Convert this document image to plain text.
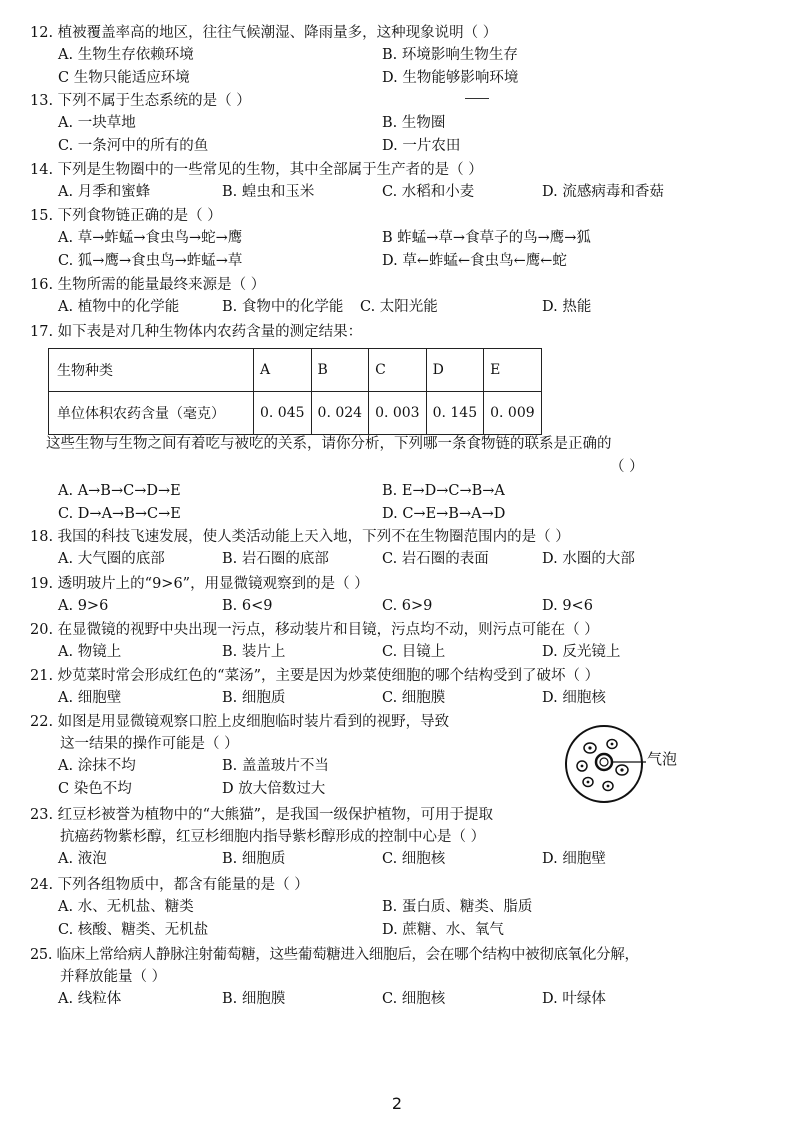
12. 植被覆盖率高的地区，往往气候潮湿、降雨量多，这种现象说明（ ）
A. 生物生存依赖环境	B. 环境影响生物生存
C 生物只能适应环境	D. 生物能够影响环境
13. 下列不属于生态系统的是（ ）
A. 一块草地	B. 生物圈
C. 一条河中的所有的鱼	D. 一片农田
14. 下列是生物圈中的一些常见的生物，其中全部属于生产者的是（ ）
A. 月季和蜜蜂	B. 蝗虫和玉米	C. 水稻和小麦	D. 流感病毒和香菇
15. 下列食物链正确的是（ ）
A. 草→蚱蜢→食虫鸟→蛇→鹰	B 蚱蜢→草→食草子的鸟→鹰→狐
C. 狐→鹰→食虫鸟→蚱蜢→草	D. 草←蚱蜢←食虫鸟←鹰←蛇
16. 生物所需的能量最终来源是（ ）
A. 植物中的化学能	B. 食物中的化学能 C. 太阳光能	D. 热能
17. 如下表是对几种生物体内农药含量的测定结果：
生物种类	A	B	C	D	E
单位体积农药含量（毫克）	0. 045	0. 024	0. 003	0. 145	0. 009
这些生物与生物之间有着吃与被吃的关系，请你分析，下列哪一条食物链的联系是正确的
（ ）
A. A→B→C→D→E	B. E→D→C→B→A
C. D→A→B→C→E	D. C→E→B→A→D
18. 我国的科技飞速发展，使人类活动能上天入地，下列不在生物圈范围内的是（ ）
A. 大气圈的底部	B. 岩石圈的底部	C. 岩石圈的表面	D. 水圈的大部
19. 透明玻片上的“9>6”，用显微镜观察到的是（ ）
A. 9>6	B. 6<9	C. 6>9	D. 9<6
20. 在显微镜的视野中央出现一污点，移动装片和目镜，污点均不动，则污点可能在（ ）
A. 物镜上	B. 装片上	C. 目镜上	D. 反光镜上
21. 炒苋菜时常会形成红色的“菜汤”，主要是因为炒菜使细胞的哪个结构受到了破坏（ ）
A. 细胞壁	B. 细胞质	C. 细胞膜	D. 细胞核
22. 如图是用显微镜观察口腔上皮细胞临时装片看到的视野，导致
这一结果的操作可能是（ ）
A. 涂抹不均	B. 盖盖玻片不当
C 染色不均	D 放大倍数过大
气泡
23. 红豆杉被誉为植物中的“大熊猫”，是我国一级保护植物，可用于提取
抗癌药物紫杉醇，红豆杉细胞内指导紫杉醇形成的控制中心是（ ）
A. 液泡	B. 细胞质	C. 细胞核	D. 细胞壁
24. 下列各组物质中，都含有能量的是（ ）
A. 水、无机盐、糖类	B. 蛋白质、糖类、脂质
C. 核酸、糖类、无机盐	D. 蔗糖、水、氧气
25. 临床上常给病人静脉注射葡萄糖，这些葡萄糖进入细胞后，会在哪个结构中被彻底氧化分解，
并释放能量（ ）
A. 线粒体	B. 细胞膜	C. 细胞核	D. 叶绿体
2
